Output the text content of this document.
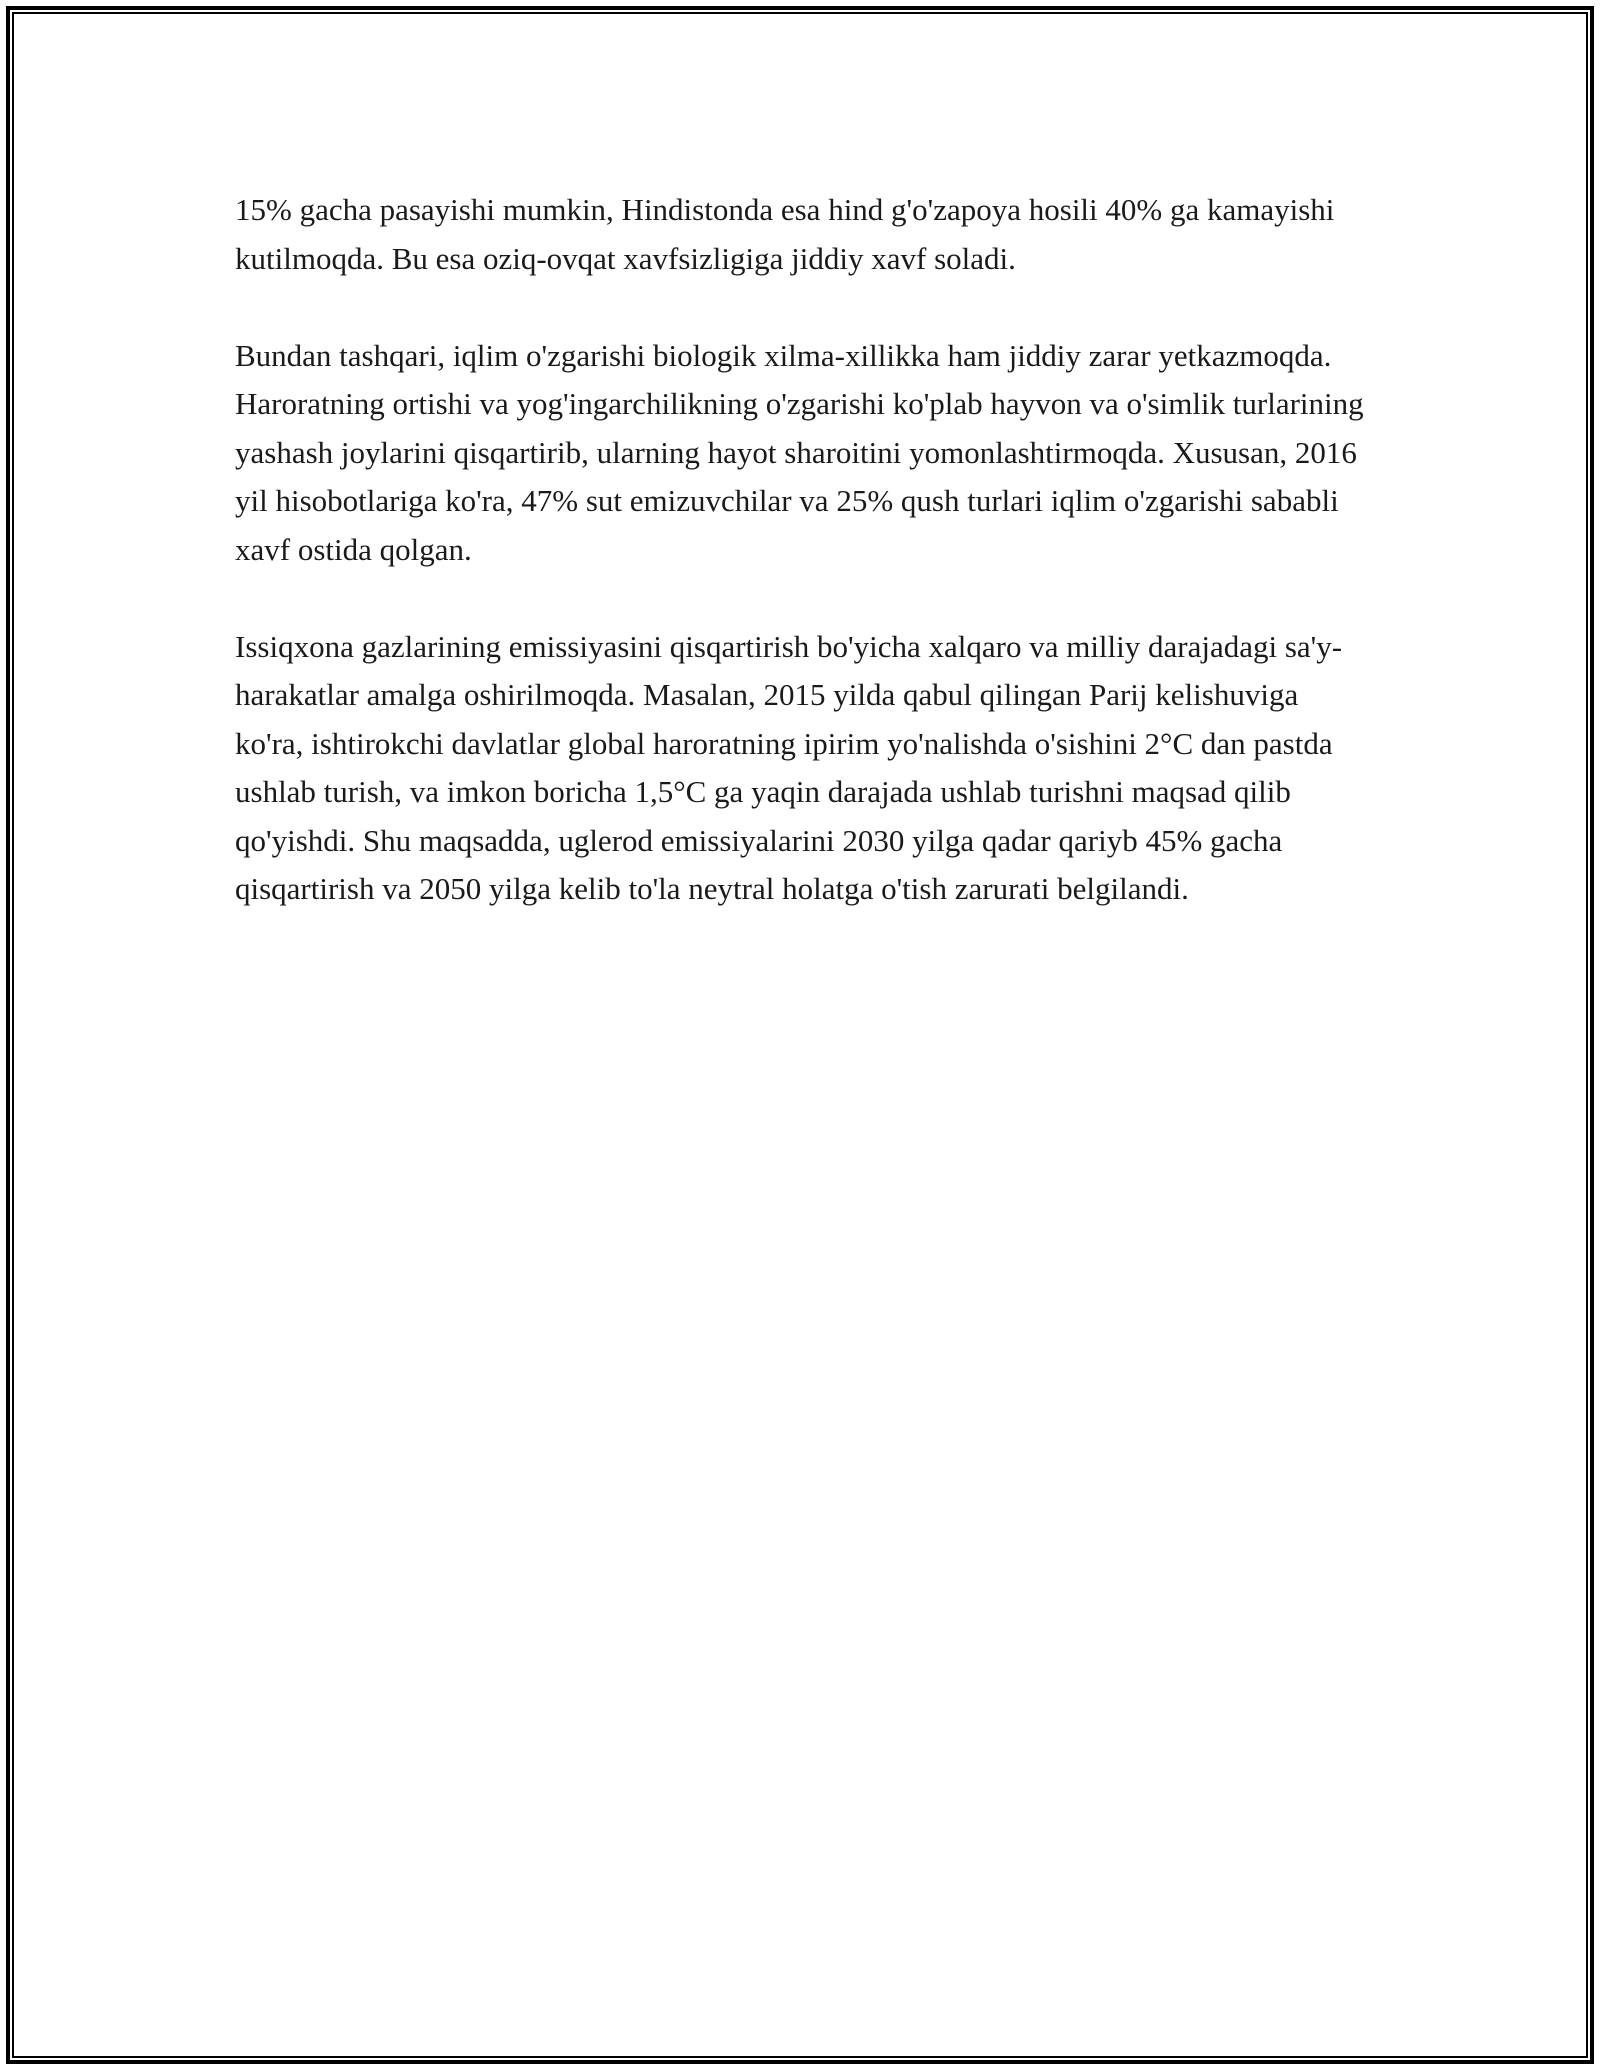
15% gacha pasayishi mumkin, Hindistonda esa hind g'o'zapoya hosili 40% ga kamayishi kutilmoqda. Bu esa oziq-ovqat xavfsizligiga jiddiy xavf soladi.

Bundan tashqari, iqlim o'zgarishi biologik xilma-xillikka ham jiddiy zarar yetkazmoqda. Haroratning ortishi va yog'ingarchilikning o'zgarishi ko'plab hayvon va o'simlik turlarining yashash joylarini qisqartirib, ularning hayot sharoitini yomonlashtirmoqda. Xususan, 2016 yil hisobotlariga ko'ra, 47% sut emizuvchilar va 25% qush turlari iqlim o'zgarishi sababli xavf ostida qolgan.

Issiqxona gazlarining emissiyasini qisqartirish bo'yicha xalqaro va milliy darajadagi sa'y-harakatlar amalga oshirilmoqda. Masalan, 2015 yilda qabul qilingan Parij kelishuviga ko'ra, ishtirokchi davlatlar global haroratning ipirim yo'nalishda o'sishini 2°C dan pastda ushlab turish, va imkon boricha 1,5°C ga yaqin darajada ushlab turishni maqsad qilib qo'yishdi. Shu maqsadda, uglerod emissiyalarini 2030 yilga qadar qariyb 45% gacha qisqartirish va 2050 yilga kelib to'la neytral holatga o'tish zarurati belgilandi.
